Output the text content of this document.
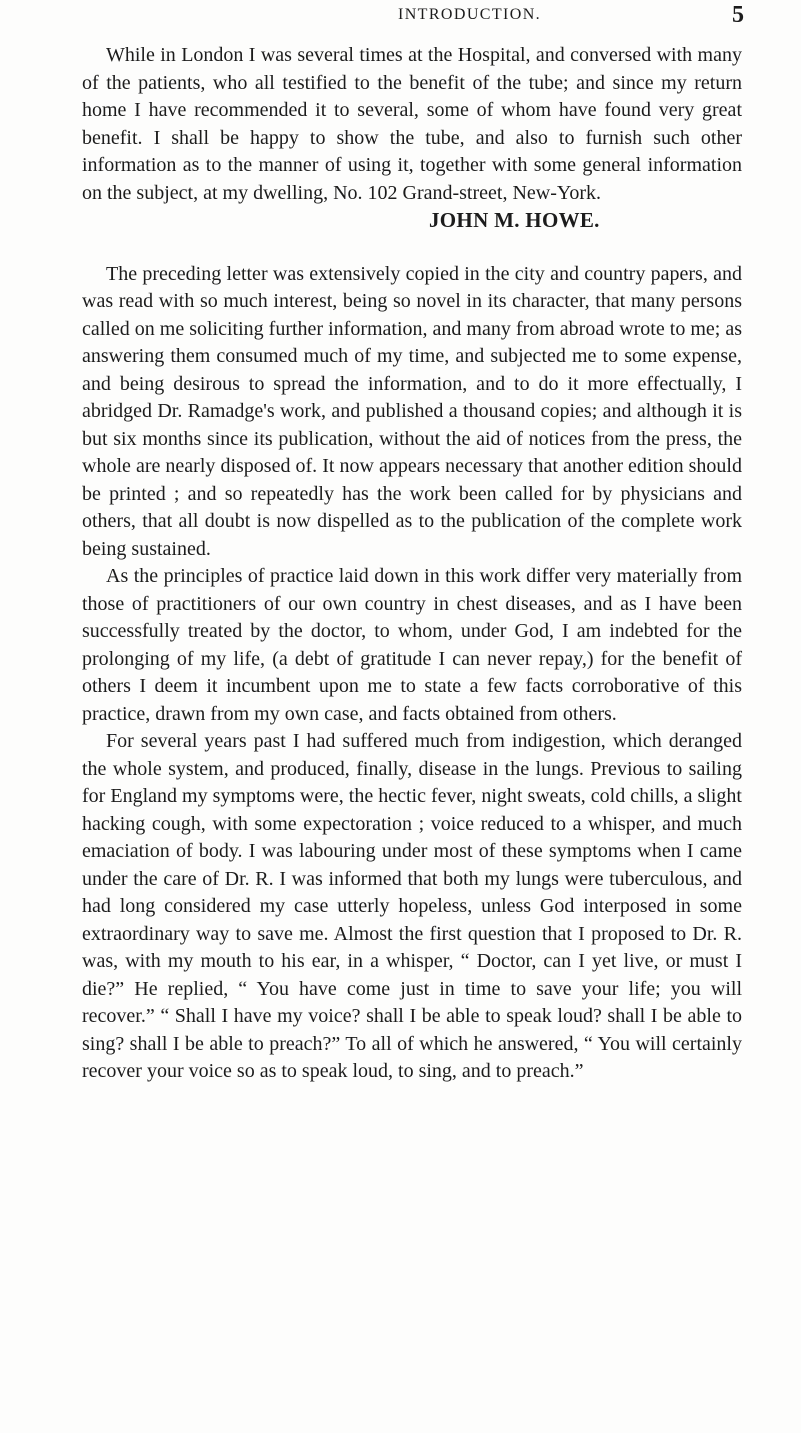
INTRODUCTION.	5

While in London I was several times at the Hospital, and conversed with many of the patients, who all testified to the benefit of the tube; and since my return home I have recommended it to several, some of whom have found very great benefit. I shall be happy to show the tube, and also to furnish such other information as to the manner of using it, together with some general information on the subject, at my dwelling, No. 102 Grand-street, New-York.

JOHN M. HOWE.

The preceding letter was extensively copied in the city and country papers, and was read with so much interest, being so novel in its character, that many persons called on me soliciting further information, and many from abroad wrote to me; as answering them consumed much of my time, and subjected me to some expense, and being desirous to spread the information, and to do it more effectually, I abridged Dr. Ramadge's work, and published a thousand copies; and although it is but six months since its publication, without the aid of notices from the press, the whole are nearly disposed of. It now appears necessary that another edition should be printed ; and so repeatedly has the work been called for by physicians and others, that all doubt is now dispelled as to the publication of the complete work being sustained.

As the principles of practice laid down in this work differ very materially from those of practitioners of our own country in chest diseases, and as I have been successfully treated by the doctor, to whom, under God, I am indebted for the prolonging of my life, (a debt of gratitude I can never repay,) for the benefit of others I deem it incumbent upon me to state a few facts corroborative of this practice, drawn from my own case, and facts obtained from others.

For several years past I had suffered much from indigestion, which deranged the whole system, and produced, finally, disease in the lungs. Previous to sailing for England my symptoms were, the hectic fever, night sweats, cold chills, a slight hacking cough, with some expectoration ; voice reduced to a whisper, and much emaciation of body. I was labouring under most of these symptoms when I came under the care of Dr. R. I was informed that both my lungs were tuberculous, and had long considered my case utterly hopeless, unless God interposed in some extraordinary way to save me. Almost the first question that I proposed to Dr. R. was, with my mouth to his ear, in a whisper, “ Doctor, can I yet live, or must I die?” He replied, “ You have come just in time to save your life; you will recover.” “ Shall I have my voice? shall I be able to speak loud? shall I be able to sing? shall I be able to preach?” To all of which he answered, “ You will certainly recover your voice so as to speak loud, to sing, and to preach.”
